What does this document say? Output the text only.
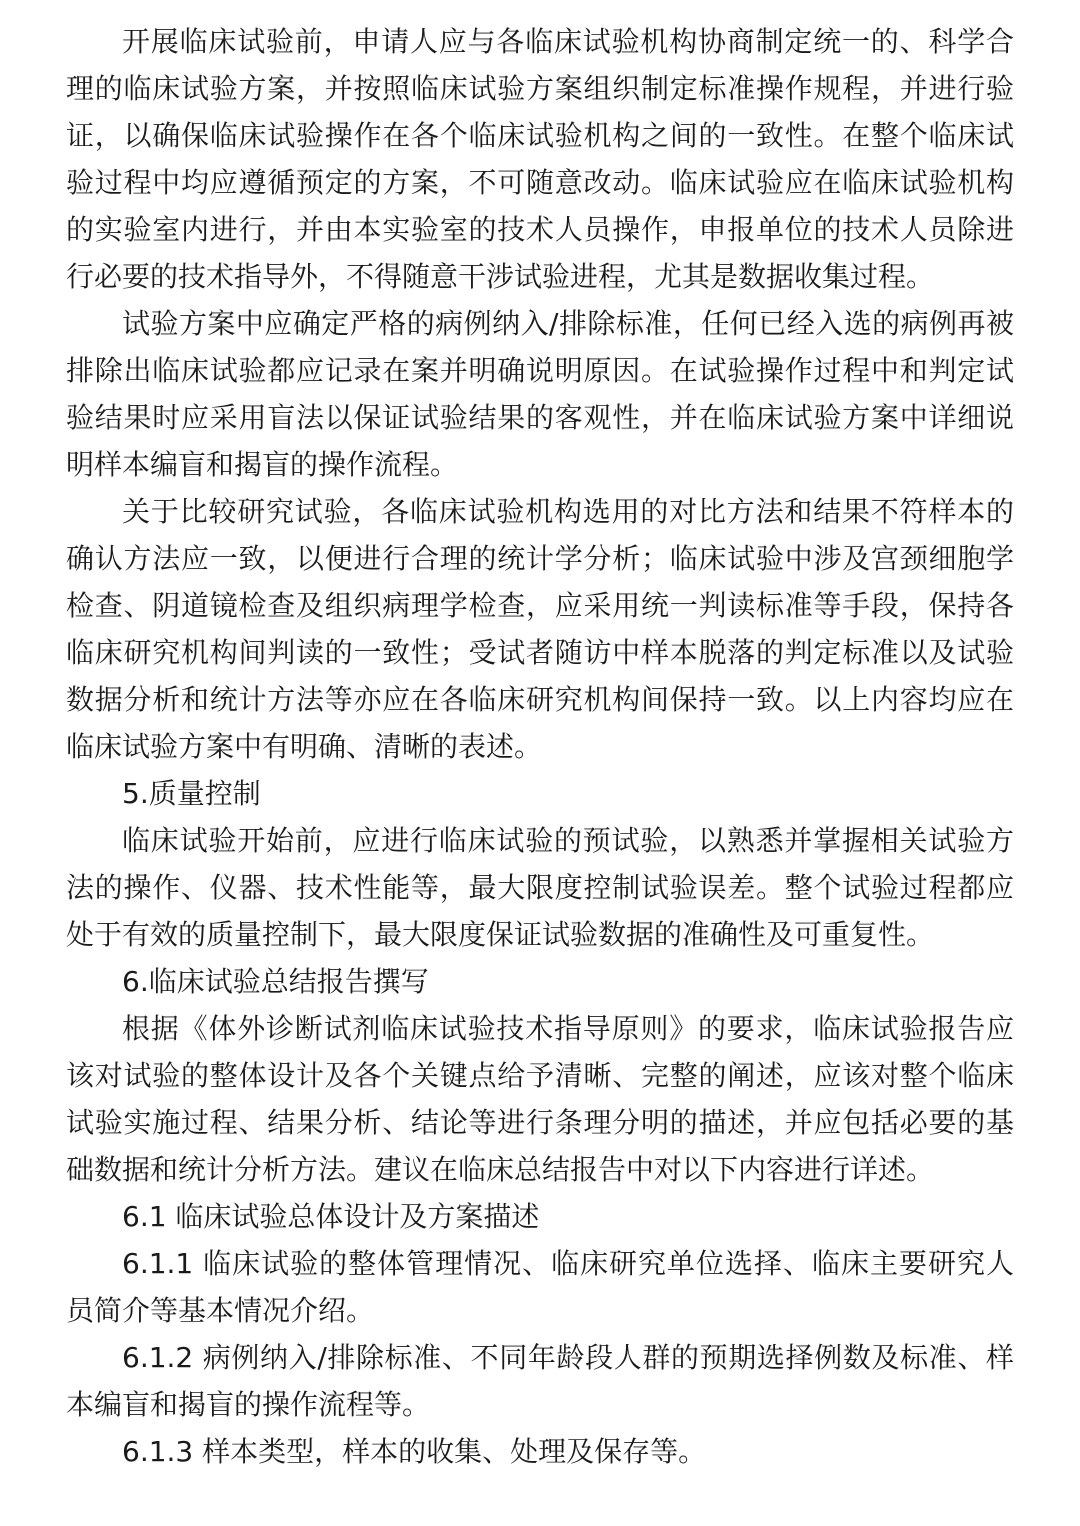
开展临床试验前，申请人应与各临床试验机构协商制定统一的、科学合理的临床试验方案，并按照临床试验方案组织制定标准操作规程，并进行验证，以确保临床试验操作在各个临床试验机构之间的一致性。在整个临床试验过程中均应遵循预定的方案，不可随意改动。临床试验应在临床试验机构的实验室内进行，并由本实验室的技术人员操作，申报单位的技术人员除进行必要的技术指导外，不得随意干涉试验进程，尤其是数据收集过程。

试验方案中应确定严格的病例纳入/排除标准，任何已经入选的病例再被排除出临床试验都应记录在案并明确说明原因。在试验操作过程中和判定试验结果时应采用盲法以保证试验结果的客观性，并在临床试验方案中详细说明样本编盲和揭盲的操作流程。

关于比较研究试验，各临床试验机构选用的对比方法和结果不符样本的确认方法应一致，以便进行合理的统计学分析；临床试验中涉及宫颈细胞学检查、阴道镜检查及组织病理学检查，应采用统一判读标准等手段，保持各临床研究机构间判读的一致性；受试者随访中样本脱落的判定标准以及试验数据分析和统计方法等亦应在各临床研究机构间保持一致。以上内容均应在临床试验方案中有明确、清晰的表述。

5.质量控制

临床试验开始前，应进行临床试验的预试验，以熟悉并掌握相关试验方法的操作、仪器、技术性能等，最大限度控制试验误差。整个试验过程都应处于有效的质量控制下，最大限度保证试验数据的准确性及可重复性。

6.临床试验总结报告撰写

根据《体外诊断试剂临床试验技术指导原则》的要求，临床试验报告应该对试验的整体设计及各个关键点给予清晰、完整的阐述，应该对整个临床试验实施过程、结果分析、结论等进行条理分明的描述，并应包括必要的基础数据和统计分析方法。建议在临床总结报告中对以下内容进行详述。

6.1 临床试验总体设计及方案描述

6.1.1 临床试验的整体管理情况、临床研究单位选择、临床主要研究人员简介等基本情况介绍。

6.1.2 病例纳入/排除标准、不同年龄段人群的预期选择例数及标准、样本编盲和揭盲的操作流程等。

6.1.3 样本类型，样本的收集、处理及保存等。
